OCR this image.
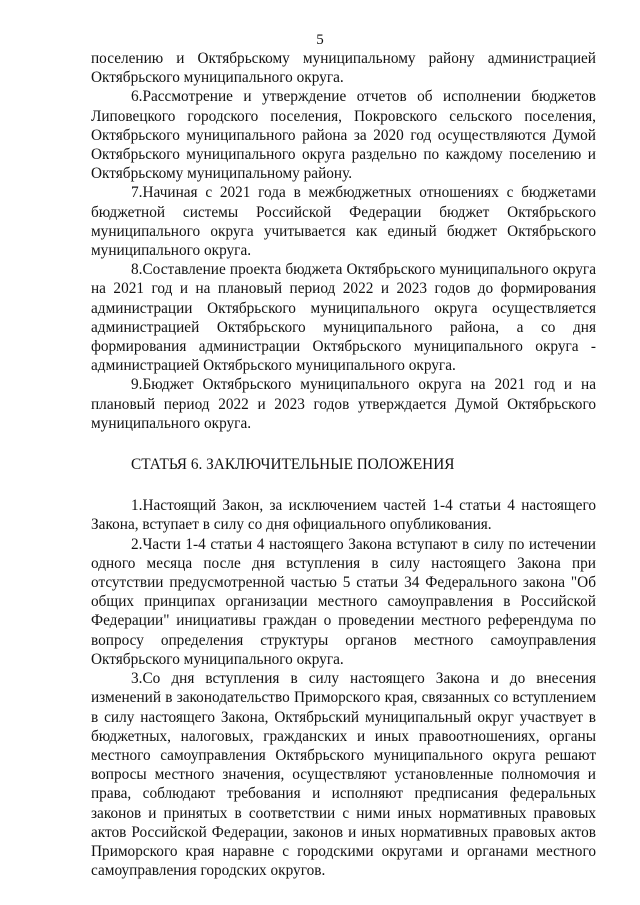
5

поселению и Октябрьскому муниципальному району администрацией Октябрьского муниципального округа.

6.Рассмотрение и утверждение отчетов об исполнении бюджетов Липовецкого городского поселения, Покровского сельского поселения, Октябрьского муниципального района за 2020 год осуществляются Думой Октябрьского муниципального округа раздельно по каждому поселению и Октябрьскому муниципальному району.

7.Начиная с 2021 года в межбюджетных отношениях с бюджетами бюджетной системы Российской Федерации бюджет Октябрьского муниципального округа учитывается как единый бюджет Октябрьского муниципального округа.

8.Составление проекта бюджета Октябрьского муниципального округа на 2021 год и на плановый период 2022 и 2023 годов до формирования администрации Октябрьского муниципального округа осуществляется администрацией Октябрьского муниципального района, а со дня формирования администрации Октябрьского муниципального округа - администрацией Октябрьского муниципального округа.

9.Бюджет Октябрьского муниципального округа на 2021 год и на плановый период 2022 и 2023 годов утверждается Думой Октябрьского муниципального округа.

СТАТЬЯ 6. ЗАКЛЮЧИТЕЛЬНЫЕ ПОЛОЖЕНИЯ

1.Настоящий Закон, за исключением частей 1-4 статьи 4 настоящего Закона, вступает в силу со дня официального опубликования.

2.Части 1-4 статьи 4 настоящего Закона вступают в силу по истечении одного месяца после дня вступления в силу настоящего Закона при отсутствии предусмотренной частью 5 статьи 34 Федерального закона "Об общих принципах организации местного самоуправления в Российской Федерации" инициативы граждан о проведении местного референдума по вопросу определения структуры органов местного самоуправления Октябрьского муниципального округа.

3.Со дня вступления в силу настоящего Закона и до внесения изменений в законодательство Приморского края, связанных со вступлением в силу настоящего Закона, Октябрьский муниципальный округ участвует в бюджетных, налоговых, гражданских и иных правоотношениях, органы местного самоуправления Октябрьского муниципального округа решают вопросы местного значения, осуществляют установленные полномочия и права, соблюдают требования и исполняют предписания федеральных законов и принятых в соответствии с ними иных нормативных правовых актов Российской Федерации, законов и иных нормативных правовых актов Приморского края наравне с городскими округами и органами местного самоуправления городских округов.
